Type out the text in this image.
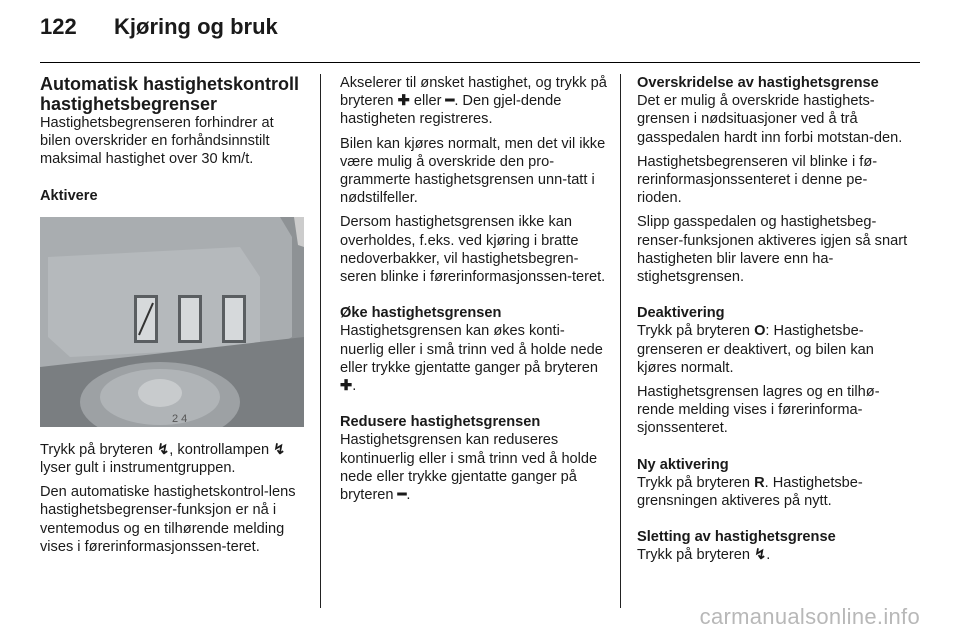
122 Kjøring og bruk
Automatisk hastighetskontroll
hastighetsbegrenser

Hastighetsbegrenseren forhindrer at bilen overskrider en forhåndsinnstilt maksimal hastighet over 30 km/t.

Aktivere

2 4

Trykk på bryteren ↯, kontrollampen ↯ lyser gult i instrumentgruppen.

Den automatiske hastighetskontrol-lens hastighetsbegrenser-funksjon er nå i ventemodus og en tilhørende melding vises i førerinformasjonssen-teret.

Akselerer til ønsket hastighet, og trykk på bryteren ✚ eller ━. Den gjel-dende hastigheten registreres.

Bilen kan kjøres normalt, men det vil ikke være mulig å overskride den pro-grammerte hastighetsgrensen unn-tatt i nødstilfeller.

Dersom hastighetsgrensen ikke kan overholdes, f.eks. ved kjøring i bratte nedoverbakker, vil hastighetsbegren-seren blinke i førerinformasjonssen-teret.

Øke hastighetsgrensen

Hastighetsgrensen kan økes konti-nuerlig eller i små trinn ved å holde nede eller trykke gjentatte ganger på bryteren ✚.

Redusere hastighetsgrensen

Hastighetsgrensen kan reduseres kontinuerlig eller i små trinn ved å holde nede eller trykke gjentatte ganger på bryteren ━.

Overskridelse av hastighetsgrense

Det er mulig å overskride hastighets-grensen i nødsituasjoner ved å trå gasspedalen hardt inn forbi motstan-den.

Hastighetsbegrenseren vil blinke i fø-rerinformasjonssenteret i denne pe-rioden.

Slipp gasspedalen og hastighetsbeg-renser-funksjonen aktiveres igjen så snart hastigheten blir lavere enn ha-stighetsgrensen.

Deaktivering

Trykk på bryteren O: Hastighetsbe-grenseren er deaktivert, og bilen kan kjøres normalt.

Hastighetsgrensen lagres og en tilhø-rende melding vises i førerinforma-sjonssenteret.

Ny aktivering

Trykk på bryteren R. Hastighetsbe-grensningen aktiveres på nytt.

Sletting av hastighetsgrense

Trykk på bryteren ↯.

carmanualsonline.info
